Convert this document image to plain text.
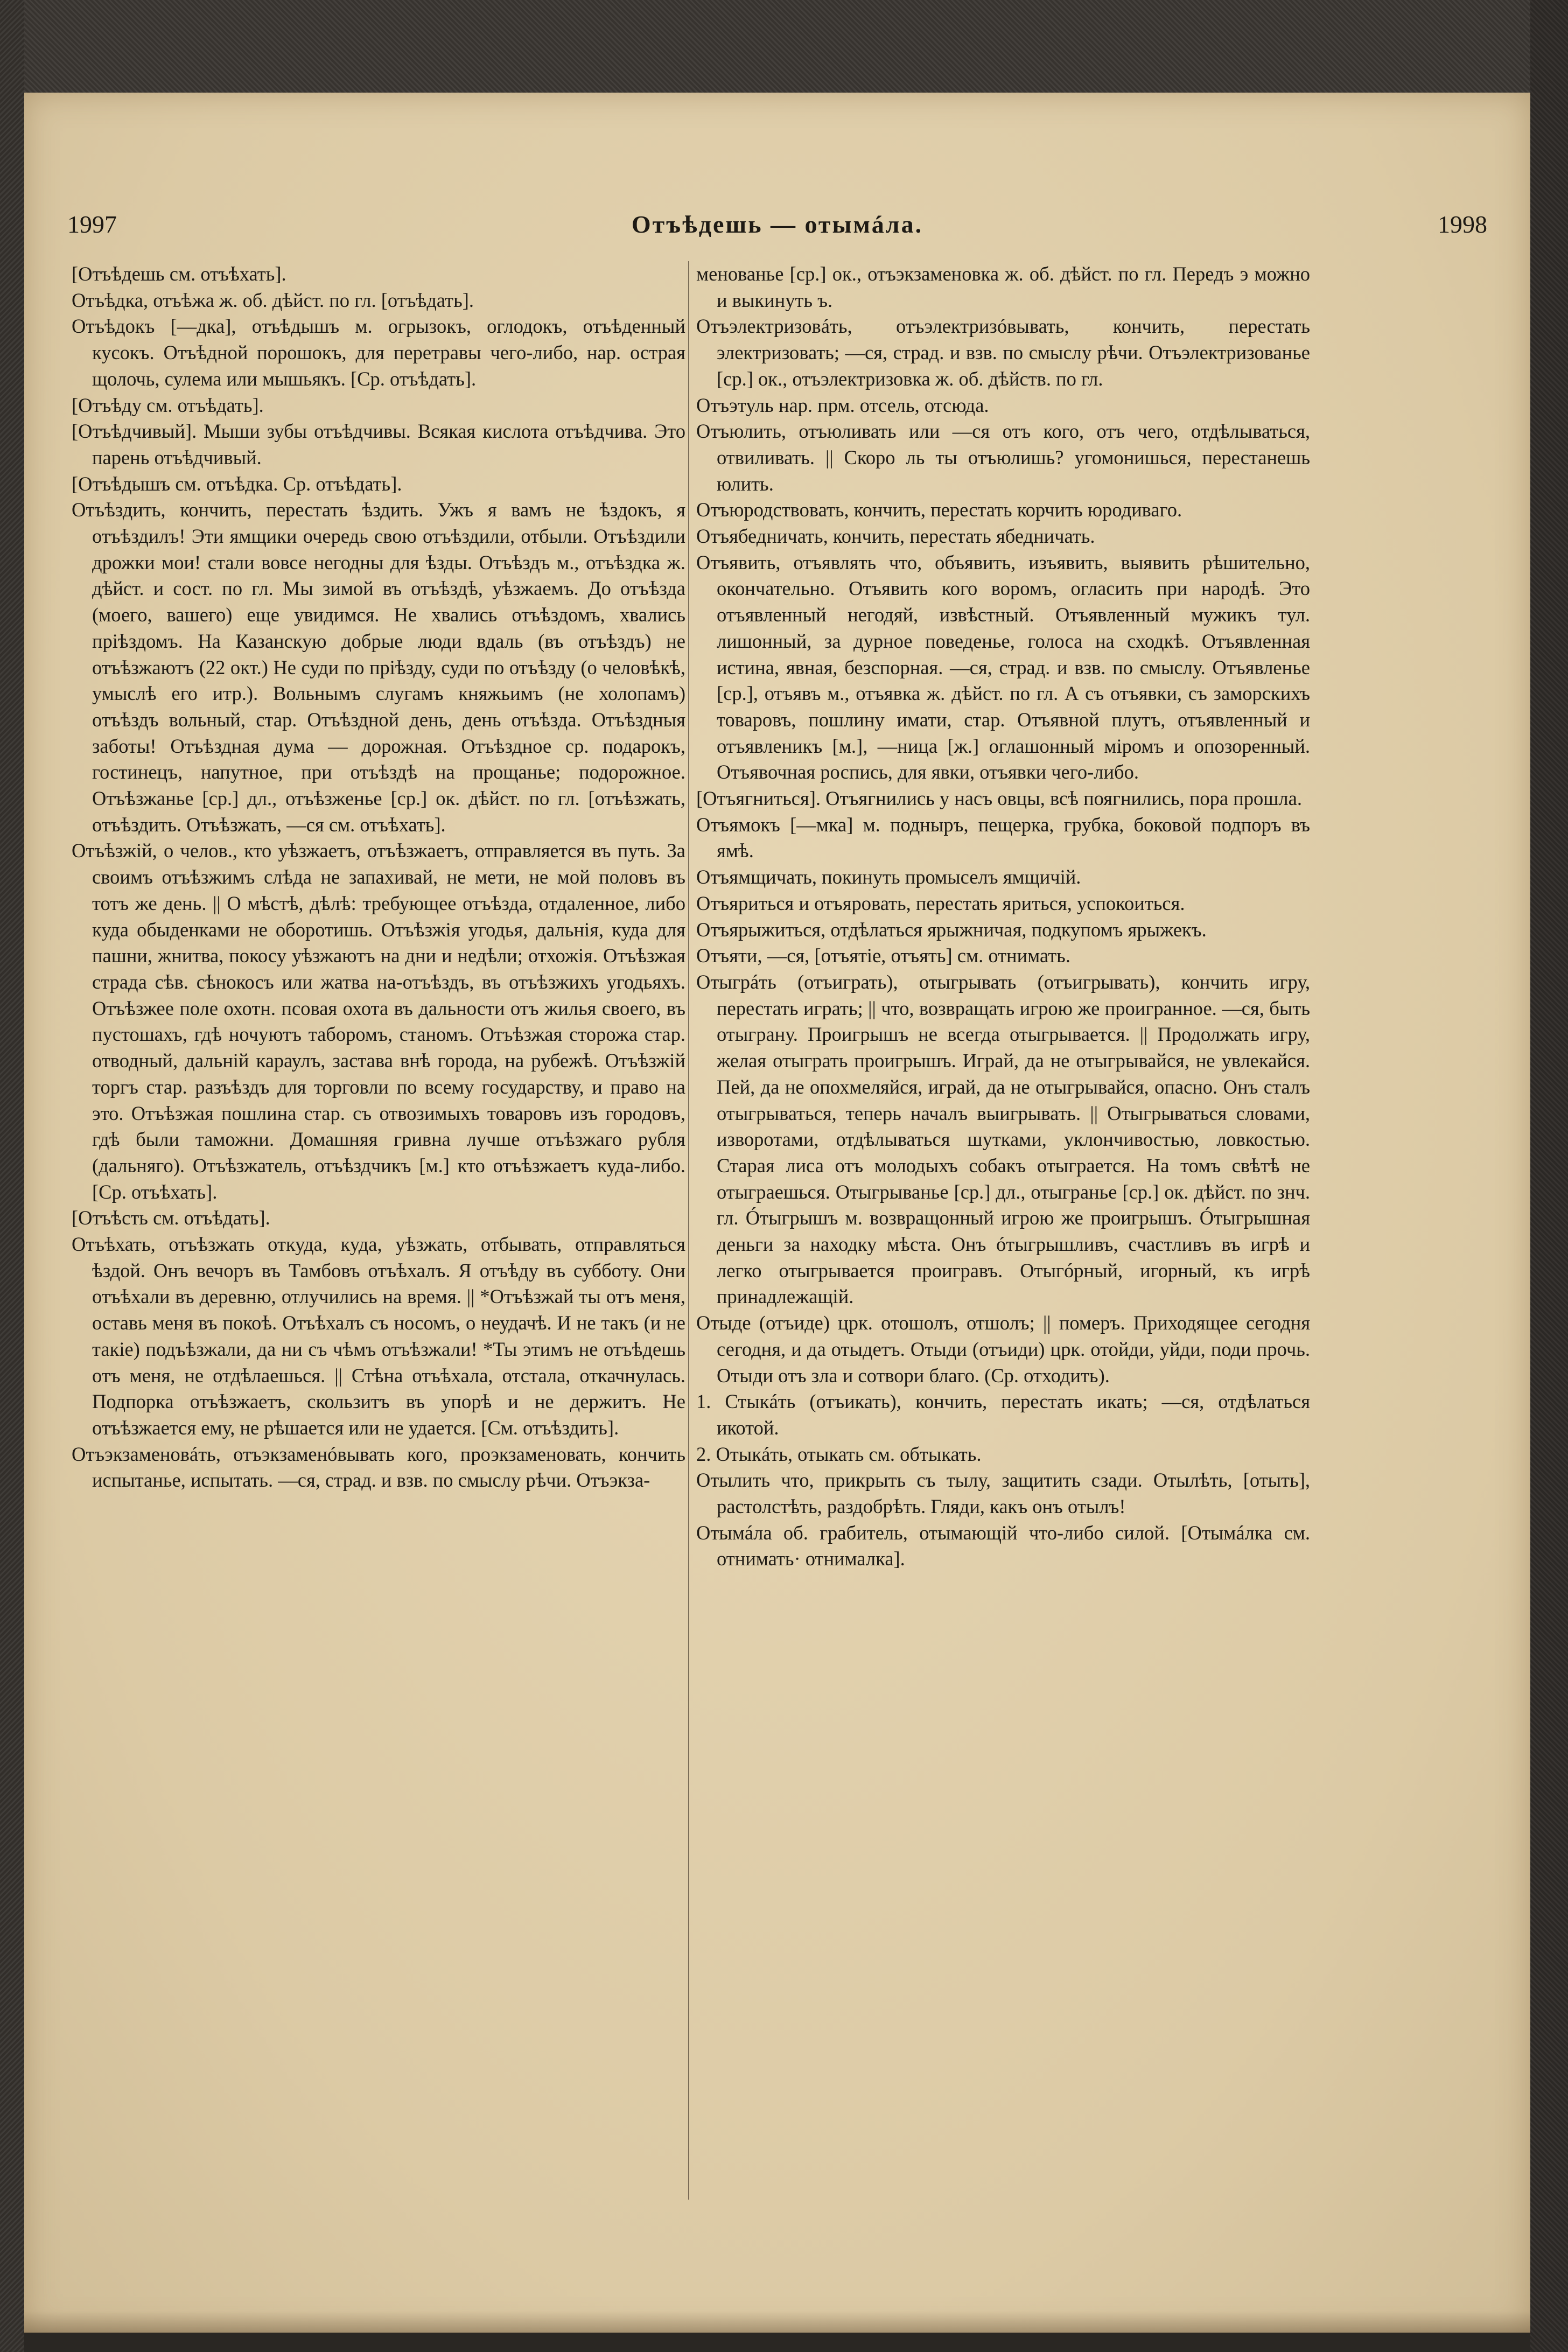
1997	Отъѣдешь — отымáла.	1998

[Отъѣдешь см. отъѣхать].

Отъѣдка, отъѣжа ж. об. дѣйст. по гл. [отъѣдать].

Отъѣдокъ [—дка], отъѣдышъ м. огрызокъ, оглодокъ, отъѣденный кусокъ. Отъѣдной порошокъ, для перетравы чего-либо, нар. острая щолочь, сулема или мышьякъ. [Ср. отъѣдать].

[Отъѣду см. отъѣдать].

[Отъѣдчивый]. Мыши зубы отъѣдчивы. Всякая кислота отъѣдчива. Это парень отъѣдчивый.

[Отъѣдышъ см. отъѣдка. Ср. отъѣдать].

Отъѣздить, кончить, перестать ѣздить. Ужъ я вамъ не ѣздокъ, я отъѣздилъ! Эти ямщики очередь свою отъѣздили, отбыли. Отъѣздили дрожки мои! стали вовсе негодны для ѣзды. Отъѣздъ м., отъѣздка ж. дѣйст. и сост. по гл. Мы зимой въ отъѣздѣ, уѣзжаемъ. До отъѣзда (моего, вашего) еще увидимся. Не хвались отъѣздомъ, хвались пріѣздомъ. На Казанскую добрые люди вдаль (въ отъѣздъ) не отъѣзжаютъ (22 окт.) Не суди по пріѣзду, суди по отъѣзду (о человѣкѣ, умыслѣ его итр.). Вольнымъ слугамъ княжьимъ (не холопамъ) отъѣздъ вольный, стар. Отъѣздной день, день отъѣзда. Отъѣздныя заботы! Отъѣздная дума — дорожная. Отъѣздное ср. подарокъ, гостинецъ, напутное, при отъѣздѣ на прощанье; подорожное. Отъѣзжанье [ср.] дл., отъѣзженье [ср.] ок. дѣйст. по гл. [отъѣзжать, отъѣздить. Отъѣзжать, —ся см. отъѣхать].

Отъѣзжій, о челов., кто уѣзжаетъ, отъѣзжаетъ, отправляется въ путь. За своимъ отъѣзжимъ слѣда не запахивай, не мети, не мой половъ въ тотъ же день. || О мѣстѣ, дѣлѣ: требующее отъѣзда, отдаленное, либо куда обыденками не оборотишь. Отъѣзжія угодья, дальнія, куда для пашни, жнитва, покосу уѣзжаютъ на дни и недѣли; отхожія. Отъѣзжая страда сѣв. сѣнокосъ или жатва на-отъѣздъ, въ отъѣзжихъ угодьяхъ. Отъѣзжее поле охотн. псовая охота въ дальности отъ жилья своего, въ пустошахъ, гдѣ ночуютъ таборомъ, станомъ. Отъѣзжая сторожа стар. отводный, дальній караулъ, застава внѣ города, на рубежѣ. Отъѣзжій торгъ стар. разъѣздъ для торговли по всему государству, и право на это. Отъѣзжая пошлина стар. съ отвозимыхъ товаровъ изъ городовъ, гдѣ были таможни. Домашняя гривна лучше отъѣзжаго рубля (дальняго). Отъѣзжатель, отъѣздчикъ [м.] кто отъѣзжаетъ куда-либо. [Ср. отъѣхать].

[Отъѣсть см. отъѣдать].

Отъѣхать, отъѣзжать откуда, куда, уѣзжать, отбывать, отправляться ѣздой. Онъ вечоръ въ Тамбовъ отъѣхалъ. Я отъѣду въ субботу. Они отъѣхали въ деревню, отлучились на время. || *Отъѣзжай ты отъ меня, оставь меня въ покоѣ. Отъѣхалъ съ носомъ, о неудачѣ. И не такъ (и не такіе) подъѣзжали, да ни съ чѣмъ отъѣзжали! *Ты этимъ не отъѣдешь отъ меня, не отдѣлаешься. || Стѣна отъѣхала, отстала, откачнулась. Подпорка отъѣзжаетъ, скользитъ въ упорѣ и не держитъ. Не отъѣзжается ему, не рѣшается или не удается. [См. отъѣздить].

Отъэкзаменовáть, отъэкзаменóвывать кого, проэкзаменовать, кончить испытанье, испытать. —ся, страд. и взв. по смыслу рѣчи. Отъэкза-

менованье [ср.] ок., отъэкзаменовка ж. об. дѣйст. по гл. Передъ э можно и выкинуть ъ.

Отъэлектризовáть, отъэлектризóвывать, кончить, перестать электризовать; —ся, страд. и взв. по смыслу рѣчи. Отъэлектризованье [ср.] ок., отъэлектризовка ж. об. дѣйств. по гл.

Отъэтуль нар. прм. отсель, отсюда.

Отъюлить, отъюливать или —ся отъ кого, отъ чего, отдѣлываться, отвиливать. || Скоро ль ты отъюлишь? угомонишься, перестанешь юлить.

Отъюродствовать, кончить, перестать корчить юродиваго.

Отъябедничать, кончить, перестать ябедничать.

Отъявить, отъявлять что, объявить, изъявить, выявить рѣшительно, окончательно. Отъявить кого воромъ, огласить при народѣ. Это отъявленный негодяй, извѣстный. Отъявленный мужикъ тул. лишонный, за дурное поведенье, голоса на сходкѣ. Отъявленная истина, явная, безспорная. —ся, страд. и взв. по смыслу. Отъявленье [ср.], отъявъ м., отъявка ж. дѣйст. по гл. А съ отъявки, съ заморскихъ товаровъ, пошлину имати, стар. Отъявной плутъ, отъявленный и отъявленикъ [м.], —ница [ж.] оглашонный міромъ и опозоренный. Отъявочная роспись, для явки, отъявки чего-либо.

[Отъягниться]. Отъягнились у насъ овцы, всѣ поягнились, пора прошла.

Отъямокъ [—мка] м. подныръ, пещерка, грубка, боковой подпоръ въ ямѣ.

Отъямщичать, покинуть промыселъ ямщичій.

Отъяриться и отъяровать, перестать яриться, успокоиться.

Отъярыжиться, отдѣлаться ярыжничая, подкупомъ ярыжекъ.

Отъяти, —ся, [отъятіе, отъять] см. отнимать.

Отыгрáть (отъиграть), отыгрывать (отъигрывать), кончить игру, перестать играть; || что, возвращать игрою же проигранное. —ся, быть отыграну. Проигрышъ не всегда отыгрывается. || Продолжать игру, желая отыграть проигрышъ. Играй, да не отыгрывайся, не увлекайся. Пей, да не опохмеляйся, играй, да не отыгрывайся, опасно. Онъ сталъ отыгрываться, теперь началъ выигрывать. || Отыгрываться словами, изворотами, отдѣлываться шутками, уклончивостью, ловкостью. Старая лиса отъ молодыхъ собакъ отыграется. На томъ свѣтѣ не отыграешься. Отыгрыванье [ср.] дл., отыгранье [ср.] ок. дѣйст. по знч. гл. Óтыгрышъ м. возвращонный игрою же проигрышъ. Óтыгрышная деньги за находку мѣста. Онъ óтыгрышливъ, счастливъ въ игрѣ и легко отыгрывается проигравъ. Отыгóрный, игорный, къ игрѣ принадлежащій.

Отыде (отъиде) црк. отошолъ, отшолъ; || померъ. Приходящее сегодня сегодня, и да отыдетъ. Отыди (отъиди) црк. отойди, уйди, поди прочь. Отыди отъ зла и сотвори благо. (Ср. отходить).

1. Стыкáть (отъикать), кончить, перестать икать; —ся, отдѣлаться икотой.

2. Отыкáть, отыкать см. обтыкать.

Отылить что, прикрыть съ тылу, защитить сзади. Отылѣть, [отыть], растолстѣть, раздобрѣть. Гляди, какъ онъ отылъ!

Отымáла об. грабитель, отымающій что-либо силой. [Отымáлка см. отнимать· отнималка].
